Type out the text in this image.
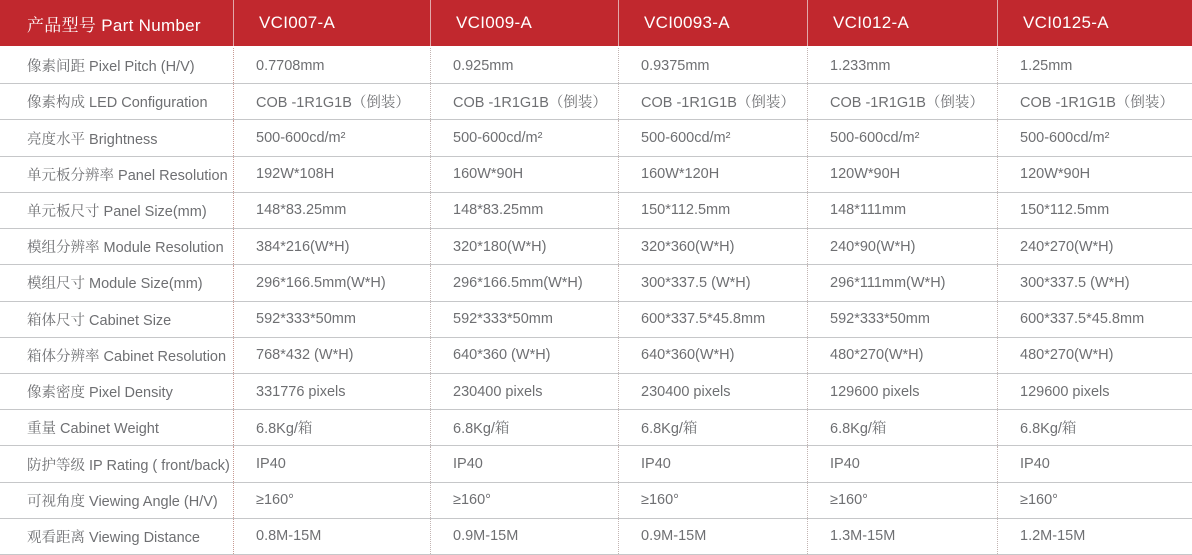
产品型号 Part Number	VCI007-A	VCI009-A	VCI0093-A	VCI012-A	VCI0125-A
像素间距 Pixel Pitch (H/V)	0.7708mm	0.925mm	0.9375mm	1.233mm	1.25mm
像素构成 LED Configuration	COB -1R1G1B（倒装）	COB -1R1G1B（倒装）	COB -1R1G1B（倒装）	COB -1R1G1B（倒装）	COB -1R1G1B（倒装）
亮度水平 Brightness	500-600cd/m²	500-600cd/m²	500-600cd/m²	500-600cd/m²	500-600cd/m²
单元板分辨率 Panel Resolution	192W*108H	160W*90H	160W*120H	120W*90H	120W*90H
单元板尺寸 Panel Size(mm)	148*83.25mm	148*83.25mm	150*112.5mm	148*111mm	150*112.5mm
模组分辨率 Module Resolution	384*216(W*H)	320*180(W*H)	320*360(W*H)	240*90(W*H)	240*270(W*H)
模组尺寸 Module Size(mm)	296*166.5mm(W*H)	296*166.5mm(W*H)	300*337.5 (W*H)	296*111mm(W*H)	300*337.5 (W*H)
箱体尺寸 Cabinet Size	592*333*50mm	592*333*50mm	600*337.5*45.8mm	592*333*50mm	600*337.5*45.8mm
箱体分辨率 Cabinet Resolution	768*432 (W*H)	640*360 (W*H)	640*360(W*H)	480*270(W*H)	480*270(W*H)
像素密度 Pixel Density	331776 pixels	230400 pixels	230400 pixels	129600 pixels	129600 pixels
重量 Cabinet Weight	6.8Kg/箱	6.8Kg/箱	6.8Kg/箱	6.8Kg/箱	6.8Kg/箱
防护等级 IP Rating ( front/back)	IP40	IP40	IP40	IP40	IP40
可视角度 Viewing Angle (H/V)	≥160°	≥160°	≥160°	≥160°	≥160°
观看距离 Viewing Distance	0.8M-15M	0.9M-15M	0.9M-15M	1.3M-15M	1.2M-15M
